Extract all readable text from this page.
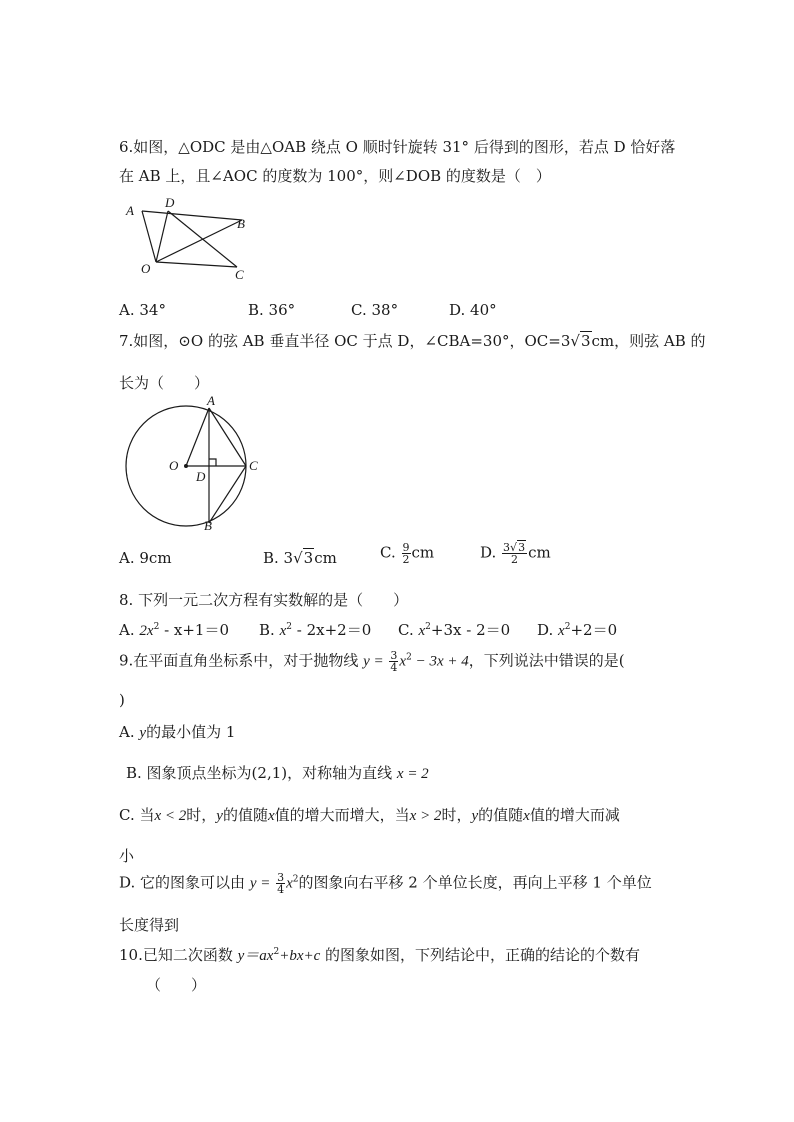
6.如图，△ODC 是由△OAB 绕点 O 顺时针旋转 31° 后得到的图形，若点 D 恰好落
在 AB 上，且∠AOC 的度数为 100°，则∠DOB 的度数是（　）
A
D
B
O	C
A. 34°	B. 36°	C. 38°	D. 40°
7.如图，⊙O 的弦 AB 垂直半径 OC 于点 D，∠CBA=30°，OC=3√3cm，则弦 AB 的
长为（　　）
A
O
D
C
B
A. 9cm	B. 3√3cm	C. $\frac{9}{2}$ cm	D. $\frac{3√3}{2}$ cm
8. 下列一元二次方程有实数解的是（　　）
A. $2x^2 - x+1=0$ B. $x^2 - 2x+2=0$ C. $x^2+3x - 2=0$ D. $x^2+2=0$
9.在平面直角坐标系中，对于抛物线 $y = \frac{3}{4} x^2 - 3x + 4$，下列说法中错误的是(
)
A. y的最小值为 1
B. 图象顶点坐标为(2,1)，对称轴为直线 x = 2
C. 当x < 2时，y的值随x值的增大而增大，当x > 2时，y的值随x值的增大而减
小
D. 它的图象可以由 $y = \frac{3}{4} x^2$的图象向右平移 2 个单位长度，再向上平移 1 个单位
长度得到
10.已知二次函数 $y=ax^2+bx+c$ 的图象如图，下列结论中，正确的结论的个数有
（　　）
